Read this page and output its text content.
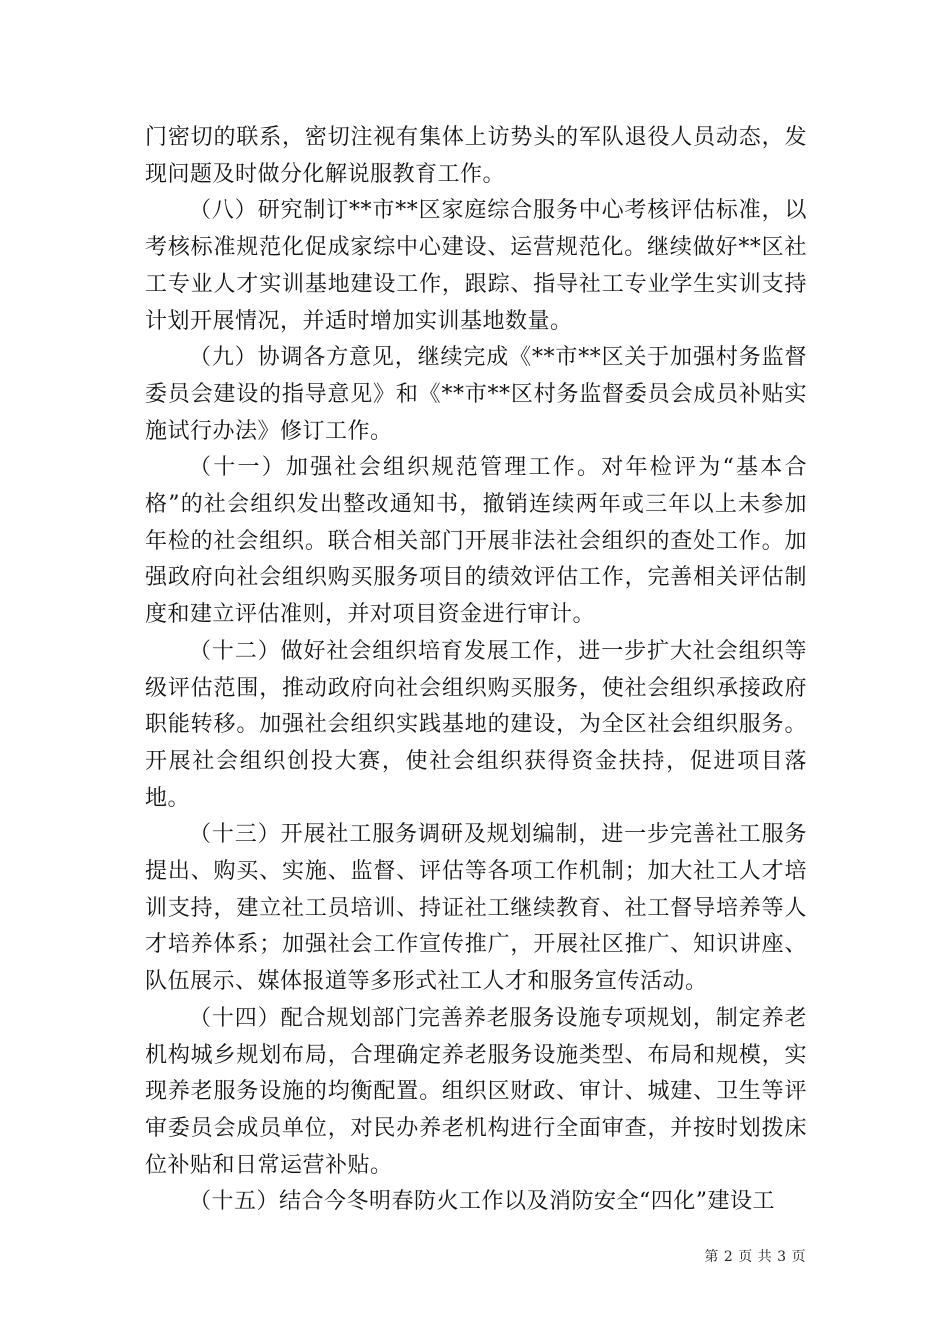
门密切的联系，密切注视有集体上访势头的军队退役人员动态，发现问题及时做分化解说服教育工作。

（八）研究制订**市**区家庭综合服务中心考核评估标准，以考核标准规范化促成家综中心建设、运营规范化。继续做好**区社工专业人才实训基地建设工作，跟踪、指导社工专业学生实训支持计划开展情况，并适时增加实训基地数量。

（九）协调各方意见，继续完成《**市**区关于加强村务监督委员会建设的指导意见》和《**市**区村务监督委员会成员补贴实施试行办法》修订工作。

（十一）加强社会组织规范管理工作。对年检评为“基本合格”的社会组织发出整改通知书，撤销连续两年或三年以上未参加年检的社会组织。联合相关部门开展非法社会组织的查处工作。加强政府向社会组织购买服务项目的绩效评估工作，完善相关评估制度和建立评估准则，并对项目资金进行审计。

（十二）做好社会组织培育发展工作，进一步扩大社会组织等级评估范围，推动政府向社会组织购买服务，使社会组织承接政府职能转移。加强社会组织实践基地的建设，为全区社会组织服务。开展社会组织创投大赛，使社会组织获得资金扶持，促进项目落地。

（十三）开展社工服务调研及规划编制，进一步完善社工服务提出、购买、实施、监督、评估等各项工作机制；加大社工人才培训支持，建立社工员培训、持证社工继续教育、社工督导培养等人才培养体系；加强社会工作宣传推广，开展社区推广、知识讲座、队伍展示、媒体报道等多形式社工人才和服务宣传活动。

（十四）配合规划部门完善养老服务设施专项规划，制定养老机构城乡规划布局，合理确定养老服务设施类型、布局和规模，实现养老服务设施的均衡配置。组织区财政、审计、城建、卫生等评审委员会成员单位，对民办养老机构进行全面审查，并按时划拨床位补贴和日常运营补贴。

（十五）结合今冬明春防火工作以及消防安全“四化”建设工

第 2 页 共 3 页
